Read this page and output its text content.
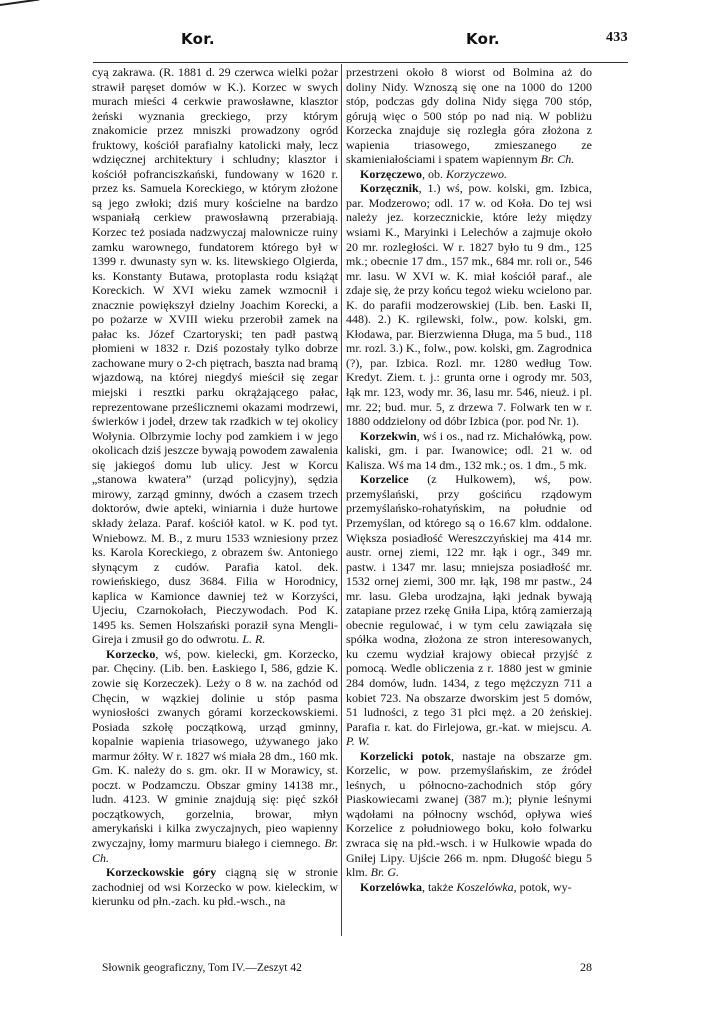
Kor.	Kor.	433

cyą zakrawa. (R. 1881 d. 29 czerwca wielki pożar strawił paręset domów w K.). Korzec w swych murach mieści 4 cerkwie prawosławne, klasztor żeński wyznania greckiego, przy którym znakomicie przez mniszki prowadzony ogród fruktowy, kościół parafialny katolicki mały, lecz wdzięcznej architektury i schludny; klasztor i kościół pofranciszkański, fundowany w 1620 r. przez ks. Samuela Koreckiego, w którym złożone są jego zwłoki; dziś mury kościelne na bardzo wspaniałą cerkiew prawosławną przerabiają. Korzec też posiada nadzwyczaj malownicze ruiny zamku warownego, fundatorem którego był w 1399 r. dwunasty syn w. ks. litewskiego Olgierda, ks. Konstanty Butawa, protoplasta rodu książąt Koreckich. W XVI wieku zamek wzmocnił i znacznie powiększył dzielny Joachim Korecki, a po pożarze w XVIII wieku przerobił zamek na pałac ks. Józef Czartoryski; ten padł pastwą płomieni w 1832 r. Dziś pozostały tylko dobrze zachowane mury o 2-ch piętrach, baszta nad bramą wjazdową, na której niegdyś mieścił się zegar miejski i resztki parku okrążającego pałac, reprezentowane prześlicznemi okazami modrzewi, świerków i jodeł, drzew tak rzadkich w tej okolicy Wołynia. Olbrzymie lochy pod zamkiem i w jego okolicach dziś jeszcze bywają powodem zawalenia się jakiegoś domu lub ulicy. Jest w Korcu „stanowa kwatera” (urząd policyjny), sędzia mirowy, zarząd gminny, dwóch a czasem trzech doktorów, dwie apteki, winiarnia i duże hurtowe składy żelaza. Paraf. kościół katol. w K. pod tyt. Wniebowz. M. B., z muru 1533 wzniesiony przez ks. Karola Koreckiego, z obrazem św. Antoniego słynącym z cudów. Parafia katol. dek. rowieńskiego, dusz 3684. Filia w Horodnicy, kaplica w Kamionce dawniej też w Korzyści, Ujeciu, Czarnokołach, Pieczywodach. Pod K. 1495 ks. Semen Holszański poraził syna Mengli-Gireja i zmusił go do odwrotu. L. R.

Korzecko, wś, pow. kielecki, gm. Korzecko, par. Chęciny. (Lib. ben. Łaskiego I, 586, gdzie K. zowie się Korzeczek). Leży o 8 w. na zachód od Chęcin, w wązkiej dolinie u stóp pasma wyniosłości zwanych górami korzeckowskiemi. Posiada szkołę początkową, urząd gminny, kopalnie wapienia triasowego, używanego jako marmur żółty. W r. 1827 wś miała 28 dm., 160 mk. Gm. K. należy do s. gm. okr. II w Morawicy, st. poczt. w Podzamczu. Obszar gminy 14138 mr., ludn. 4123. W gminie znajdują się: pięć szkół początkowych, gorzelnia, browar, młyn amerykański i kilka zwyczajnych, pieo wapienny zwyczajny, łomy marmuru białego i ciemnego. Br. Ch.

Korzeckowskie góry ciągną się w stronie zachodniej od wsi Korzecko w pow. kieleckim, w kierunku od płn.-zach. ku płd.-wsch., na

przestrzeni około 8 wiorst od Bolmina aż do doliny Nidy. Wznoszą się one na 1000 do 1200 stóp, podczas gdy dolina Nidy sięga 700 stóp, górują więc o 500 stóp po nad nią. W pobliżu Korzecka znajduje się rozległa góra złożona z wapienia triasowego, zmieszanego ze skamieniałościami i spatem wapiennym Br. Ch.

Korzęczewo, ob. Korzyczewo.

Korzęcznik, 1.) wś, pow. kolski, gm. Izbica, par. Modzerowo; odl. 17 w. od Koła. Do tej wsi należy jez. korzecznickie, które leży między wsiami K., Maryinki i Lelechów a zajmuje około 20 mr. rozległości. W r. 1827 było tu 9 dm., 125 mk.; obecnie 17 dm., 157 mk., 684 mr. roli or., 546 mr. lasu. W XVI w. K. miał kościół paraf., ale zdaje się, że przy końcu tegoż wieku wcielono par. K. do parafii modzerowskiej (Lib. ben. Łaski II, 448). 2.) K. rgilewski, folw., pow. kolski, gm. Kłodawa, par. Bierzwienna Długa, ma 5 bud., 118 mr. rozl. 3.) K., folw., pow. kolski, gm. Zagrodnica (?), par. Izbica. Rozl. mr. 1280 według Tow. Kredyt. Ziem. t. j.: grunta orne i ogrody mr. 503, łąk mr. 123, wody mr. 36, lasu mr. 546, nieuż. i pl. mr. 22; bud. mur. 5, z drzewa 7. Folwark ten w r. 1880 oddzielony od dóbr Izbica (por. pod Nr. 1).

Korzekwin, wś i os., nad rz. Michałówką, pow. kaliski, gm. i par. Iwanowice; odl. 21 w. od Kalisza. Wś ma 14 dm., 132 mk.; os. 1 dm., 5 mk.

Korzelice (z Hulkowem), wś, pow. przemyślański, przy gościńcu rządowym przemyślańsko-rohatyńskim, na południe od Przemyślan, od którego są o 16.67 klm. oddalone. Większa posiadłość Wereszczyńskiej ma 414 mr. austr. ornej ziemi, 122 mr. łąk i ogr., 349 mr. pastw. i 1347 mr. lasu; mniejsza posiadłość mr. 1532 ornej ziemi, 300 mr. łąk, 198 mr pastw., 24 mr. lasu. Gleba urodzajna, łąki jednak bywają zatapiane przez rzekę Gniła Lipa, którą zamierzają obecnie regulować, i w tym celu zawiązała się spółka wodna, złożona ze stron interesowanych, ku czemu wydział krajowy obiecał przyjść z pomocą. Wedle obliczenia z r. 1880 jest w gminie 284 domów, ludn. 1434, z tego mężczyzn 711 a kobiet 723. Na obszarze dworskim jest 5 domów, 51 ludności, z tego 31 płci męż. a 20 żeńskiej. Parafia r. kat. do Firlejowa, gr.-kat. w miejscu. A. P. W.

Korzelicki potok, nastaje na obszarze gm. Korzelic, w pow. przemyślańskim, ze źródeł leśnych, u północno-zachodnich stóp góry Piaskowiecami zwanej (387 m.); płynie leśnymi wądołami na północny wschód, opływa wieś Korzelice z południowego boku, koło folwarku zwraca się na płd.-wsch. i w Hulkowie wpada do Gniłej Lipy. Ujście 266 m. npm. Długość biegu 5 klm. Br. G.

Korzelówka, także Koszelówka, potok, wy-

Słownik geograficzny, Tom IV.—Zeszyt 42	28
